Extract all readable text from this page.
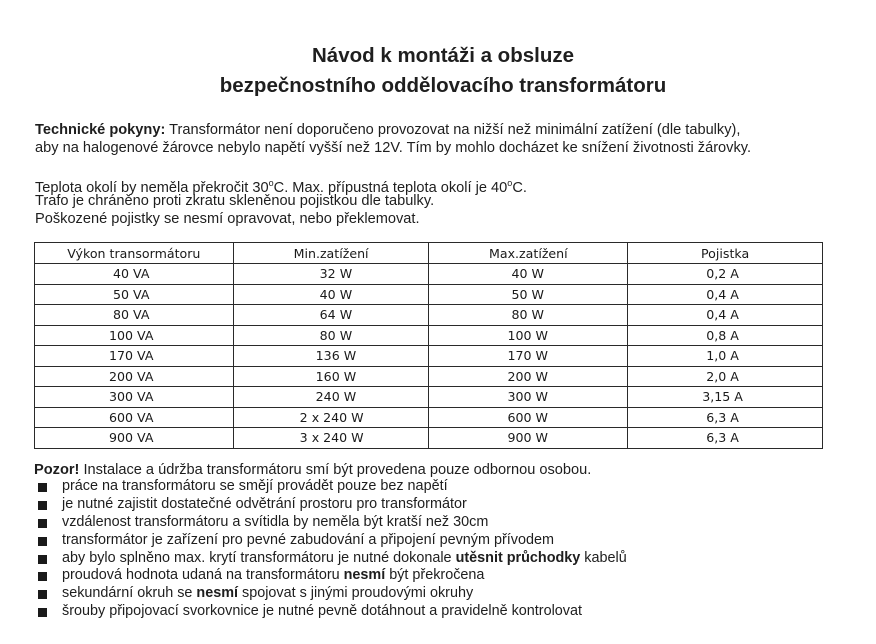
Návod k montáži a obsluze
bezpečnostního oddělovacího transformátoru
Technické pokyny: Transformátor není doporučeno provozovat na nižší než minimální zatížení (dle tabulky),
aby na halogenové žárovce nebylo napětí vyšší než 12V. Tím by mohlo docházet ke snížení životnosti žárovky.
Teplota okolí by neměla překročit 30$^o$C. Max. přípustná teplota okolí je 40$^o$C.
Trafo je chráněno proti zkratu skleněnou pojistkou dle tabulky.
Poškozené pojistky se nesmí opravovat, nebo překlemovat.
Výkon transormátoru	Min.zatížení	Max.zatížení	Pojistka
40 VA	32 W	40 W	0,2 A
50 VA	40 W	50 W	0,4 A
80 VA	64 W	80 W	0,4 A
100 VA	80 W	100 W	0,8 A
170 VA	136 W	170 W	1,0 A
200 VA	160 W	200 W	2,0 A
300 VA	240 W	300 W	3,15 A
600 VA	2 x 240 W	600 W	6,3 A
900 VA	3 x 240 W	900 W	6,3 A
Pozor! Instalace a údržba transformátoru smí být provedena pouze odbornou osobou.
práce na transformátoru se smějí provádět pouze bez napětí
je nutné zajistit dostatečné odvětrání prostoru pro transformátor
vzdálenost transformátoru a svítidla by neměla být kratší než 30cm
transformátor je zařízení pro pevné zabudování a připojení pevným přívodem
aby bylo splněno max. krytí transformátoru je nutné dokonale utěsnit průchodky kabelů
proudová hodnota udaná na transformátoru nesmí být překročena
sekundární okruh se nesmí spojovat s jinými proudovými okruhy
šrouby připojovací svorkovnice je nutné pevně dotáhnout a pravidelně kontrolovat
